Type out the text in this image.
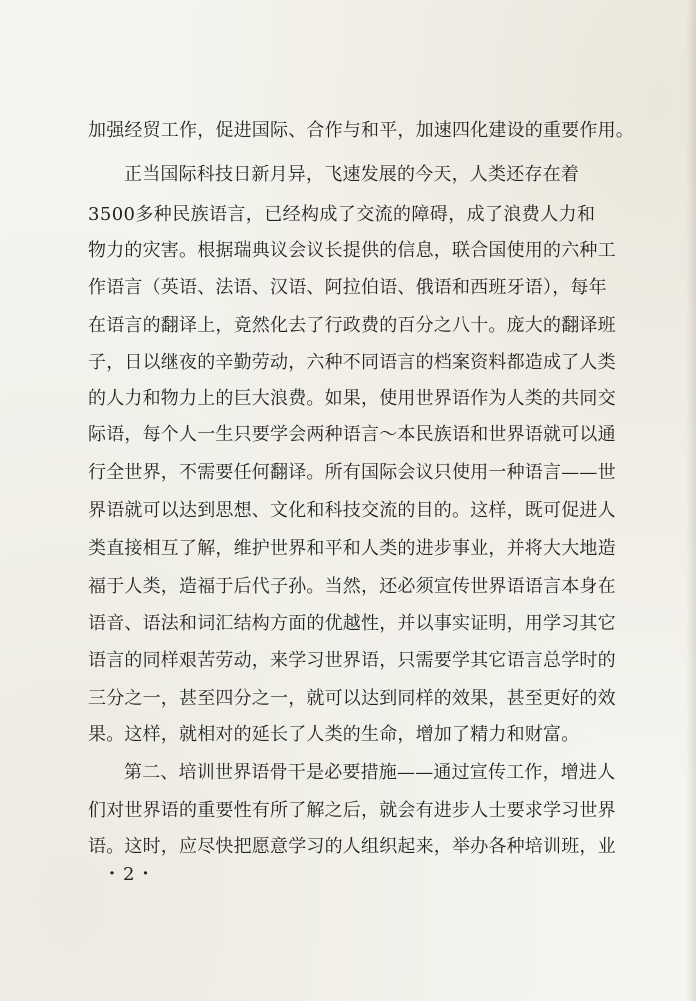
加强经贸工作，促进国际、合作与和平，加速四化建设的重要作用。
正当国际科技日新月异，飞速发展的今天，人类还存在着
3500多种民族语言，已经构成了交流的障碍，成了浪费人力和
物力的灾害。根据瑞典议会议长提供的信息，联合国使用的六种工
作语言（英语、法语、汉语、阿拉伯语、俄语和西班牙语），每年
在语言的翻译上，竟然化去了行政费的百分之八十。庞大的翻译班
子，日以继夜的辛勤劳动，六种不同语言的档案资料都造成了人类
的人力和物力上的巨大浪费。如果，使用世界语作为人类的共同交
际语，每个人一生只要学会两种语言～本民族语和世界语就可以通
行全世界，不需要任何翻译。所有国际会议只使用一种语言——世
界语就可以达到思想、文化和科技交流的目的。这样，既可促进人
类直接相互了解，维护世界和平和人类的进步事业，并将大大地造
福于人类，造福于后代子孙。当然，还必须宣传世界语语言本身在
语音、语法和词汇结构方面的优越性，并以事实证明，用学习其它
语言的同样艰苦劳动，来学习世界语，只需要学其它语言总学时的
三分之一，甚至四分之一，就可以达到同样的效果，甚至更好的效
果。这样，就相对的延长了人类的生命，增加了精力和财富。
第二、培训世界语骨干是必要措施——通过宣传工作，增进人
们对世界语的重要性有所了解之后，就会有进步人士要求学习世界
语。这时，应尽快把愿意学习的人组织起来，举办各种培训班，业
・2・
